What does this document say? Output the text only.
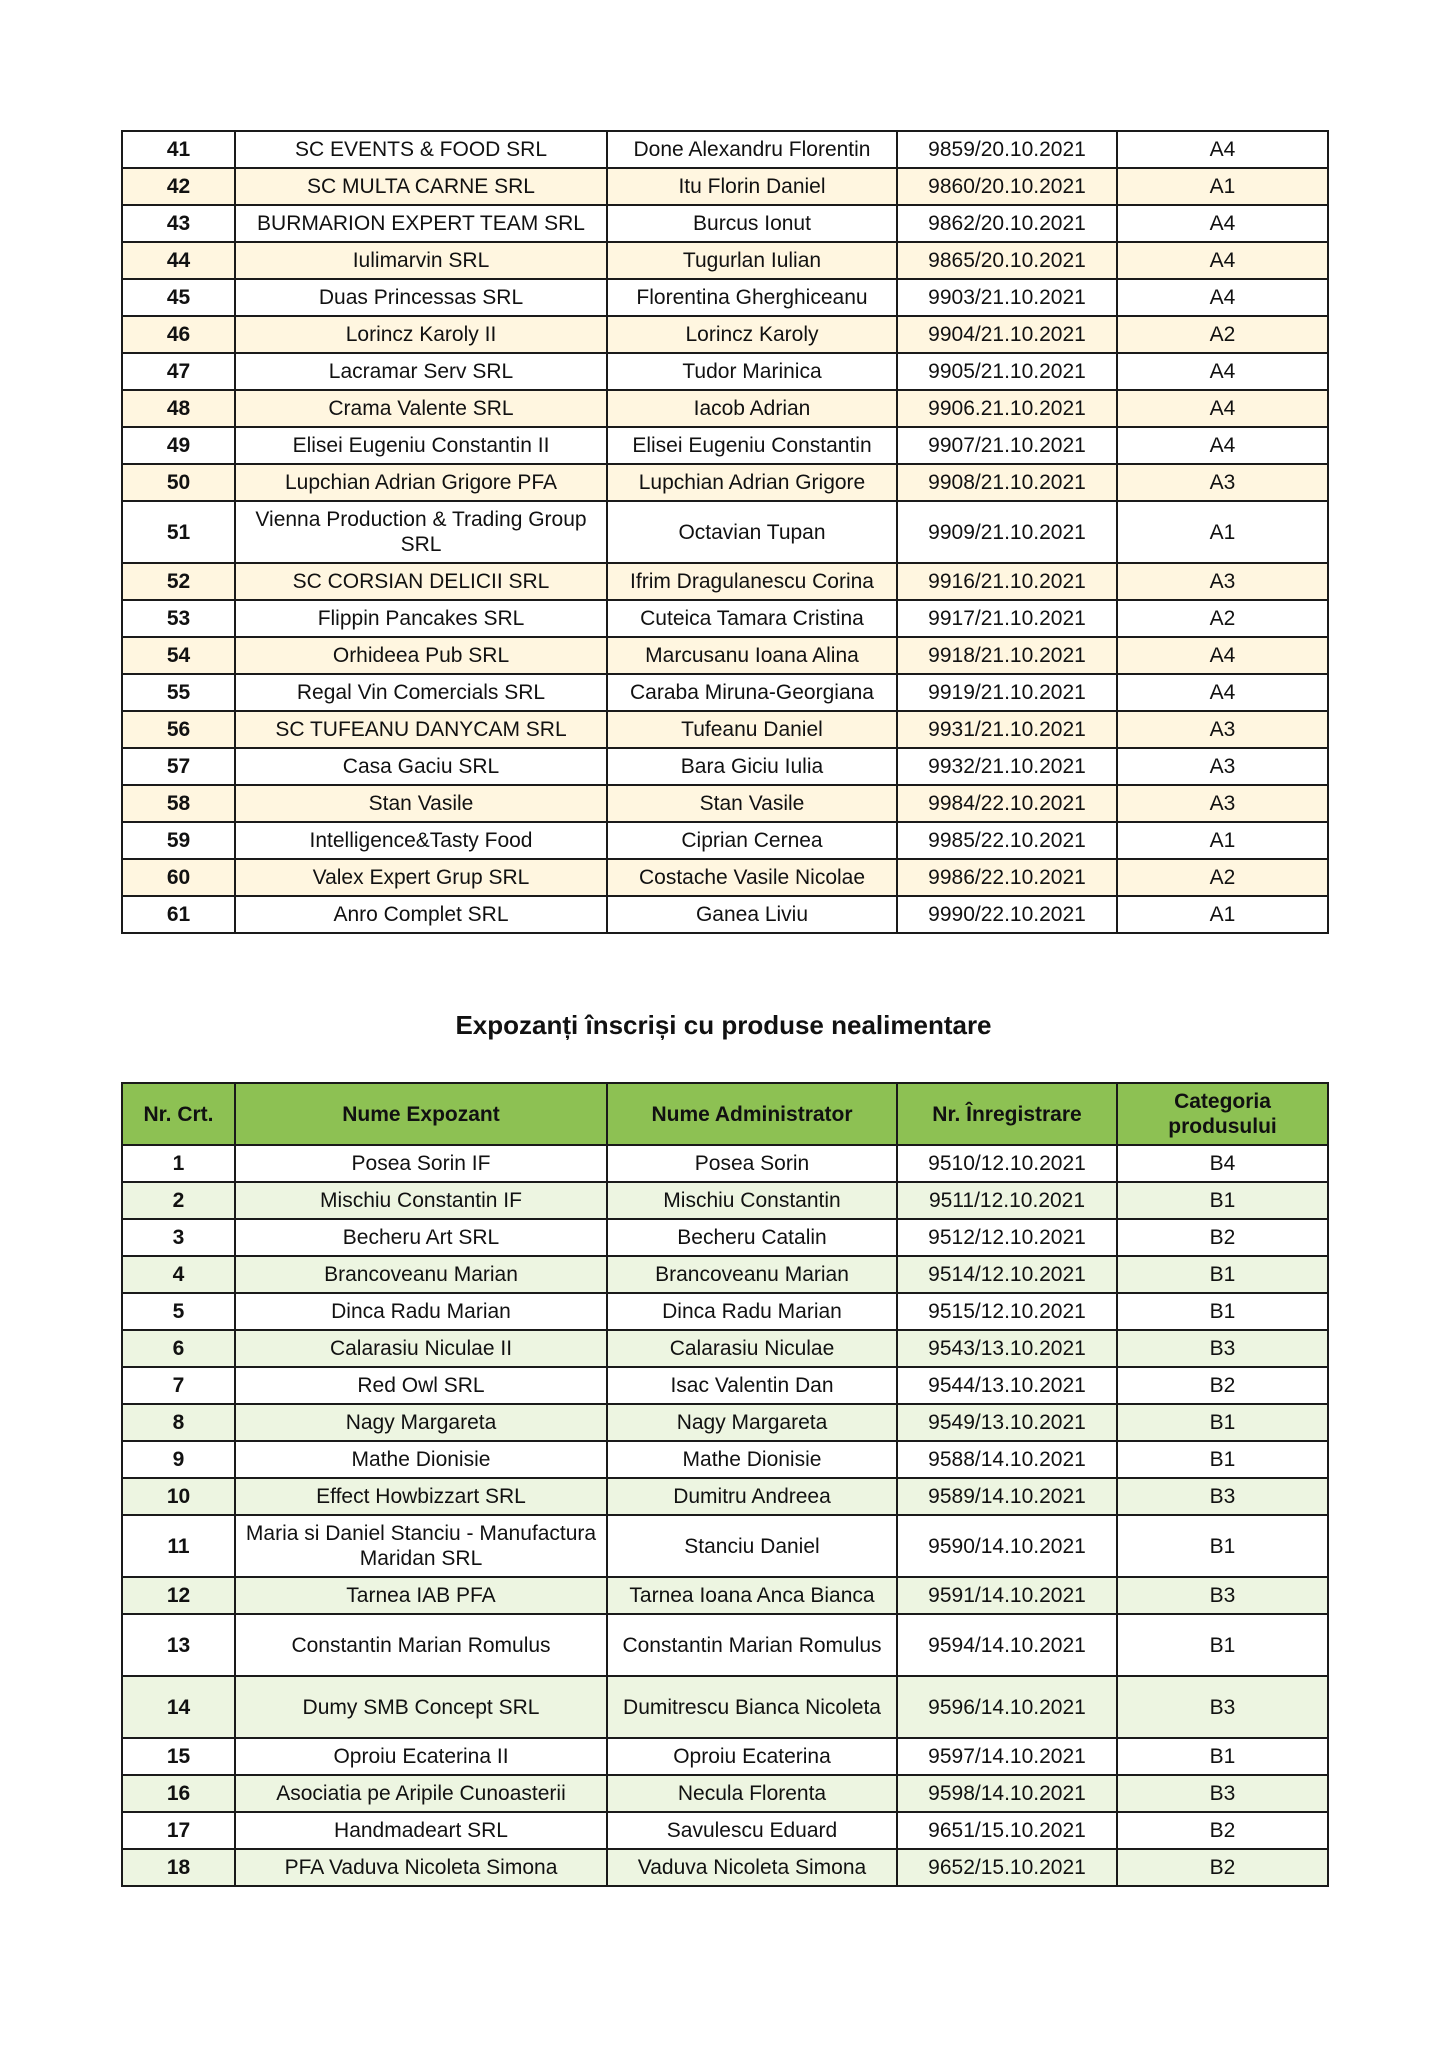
41	SC EVENTS & FOOD SRL	Done Alexandru Florentin	9859/20.10.2021	A4
42	SC MULTA CARNE SRL	Itu Florin Daniel	9860/20.10.2021	A1
43	BURMARION EXPERT TEAM SRL	Burcus Ionut	9862/20.10.2021	A4
44	Iulimarvin SRL	Tugurlan Iulian	9865/20.10.2021	A4
45	Duas Princessas SRL	Florentina Gherghiceanu	9903/21.10.2021	A4
46	Lorincz Karoly II	Lorincz Karoly	9904/21.10.2021	A2
47	Lacramar Serv SRL	Tudor Marinica	9905/21.10.2021	A4
48	Crama Valente SRL	Iacob Adrian	9906.21.10.2021	A4
49	Elisei Eugeniu Constantin II	Elisei Eugeniu Constantin	9907/21.10.2021	A4
50	Lupchian Adrian Grigore PFA	Lupchian Adrian Grigore	9908/21.10.2021	A3
51	Vienna Production & Trading Group SRL	Octavian Tupan	9909/21.10.2021	A1
52	SC CORSIAN DELICII SRL	Ifrim Dragulanescu Corina	9916/21.10.2021	A3
53	Flippin Pancakes SRL	Cuteica Tamara Cristina	9917/21.10.2021	A2
54	Orhideea Pub SRL	Marcusanu Ioana Alina	9918/21.10.2021	A4
55	Regal Vin Comercials SRL	Caraba Miruna-Georgiana	9919/21.10.2021	A4
56	SC TUFEANU DANYCAM SRL	Tufeanu Daniel	9931/21.10.2021	A3
57	Casa Gaciu SRL	Bara Giciu Iulia	9932/21.10.2021	A3
58	Stan Vasile	Stan Vasile	9984/22.10.2021	A3
59	Intelligence&Tasty Food	Ciprian Cernea	9985/22.10.2021	A1
60	Valex Expert Grup SRL	Costache Vasile Nicolae	9986/22.10.2021	A2
61	Anro Complet SRL	Ganea Liviu	9990/22.10.2021	A1
Expozanți înscriși cu produse nealimentare
Nr. Crt.	Nume Expozant	Nume Administrator	Nr. Înregistrare	Categoria produsului
1	Posea Sorin IF	Posea Sorin	9510/12.10.2021	B4
2	Mischiu Constantin IF	Mischiu Constantin	9511/12.10.2021	B1
3	Becheru Art SRL	Becheru Catalin	9512/12.10.2021	B2
4	Brancoveanu Marian	Brancoveanu Marian	9514/12.10.2021	B1
5	Dinca Radu Marian	Dinca Radu Marian	9515/12.10.2021	B1
6	Calarasiu Niculae II	Calarasiu Niculae	9543/13.10.2021	B3
7	Red Owl SRL	Isac Valentin Dan	9544/13.10.2021	B2
8	Nagy Margareta	Nagy Margareta	9549/13.10.2021	B1
9	Mathe Dionisie	Mathe Dionisie	9588/14.10.2021	B1
10	Effect Howbizzart SRL	Dumitru Andreea	9589/14.10.2021	B3
11	Maria si Daniel Stanciu - Manufactura Maridan SRL	Stanciu Daniel	9590/14.10.2021	B1
12	Tarnea IAB PFA	Tarnea Ioana Anca Bianca	9591/14.10.2021	B3
13	Constantin Marian Romulus	Constantin Marian Romulus	9594/14.10.2021	B1
14	Dumy SMB Concept SRL	Dumitrescu Bianca Nicoleta	9596/14.10.2021	B3
15	Oproiu Ecaterina II	Oproiu Ecaterina	9597/14.10.2021	B1
16	Asociatia pe Aripile Cunoasterii	Necula Florenta	9598/14.10.2021	B3
17	Handmadeart SRL	Savulescu Eduard	9651/15.10.2021	B2
18	PFA Vaduva Nicoleta Simona	Vaduva Nicoleta Simona	9652/15.10.2021	B2
